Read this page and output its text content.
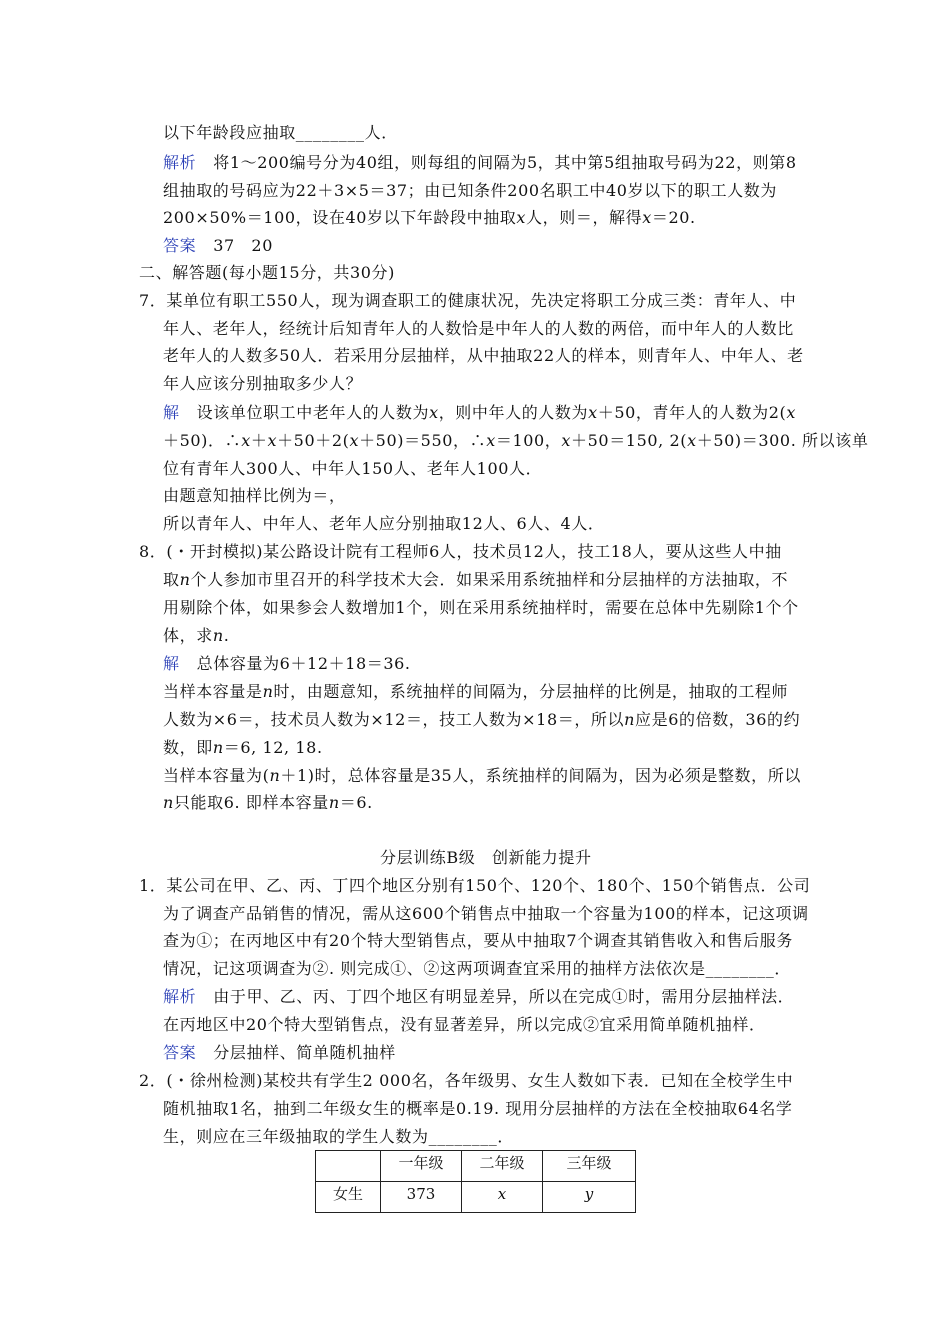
以下年龄段应抽取________人．
解析 将1～200编号分为40组，则每组的间隔为5，其中第5组抽取号码为22，则第8
组抽取的号码应为22＋3×5＝37；由已知条件200名职工中40岁以下的职工人数为
200×50%＝100，设在40岁以下年龄段中抽取x人，则＝，解得x＝20.
答案 37　20
二、解答题(每小题15分，共30分)
7．某单位有职工550人，现为调查职工的健康状况，先决定将职工分成三类：青年人、中
年人、老年人，经统计后知青年人的人数恰是中年人的人数的两倍，而中年人的人数比
老年人的人数多50人．若采用分层抽样，从中抽取22人的样本，则青年人、中年人、老
年人应该分别抽取多少人？
解 设该单位职工中老年人的人数为x，则中年人的人数为x＋50，青年人的人数为2(x
＋50)．∴x＋x＋50＋2(x＋50)＝550，∴x＝100，x＋50＝150, 2(x＋50)＝300. 所以该单
位有青年人300人、中年人150人、老年人100人．
由题意知抽样比例为＝，
所以青年人、中年人、老年人应分别抽取12人、6人、4人．
8．(・开封模拟)某公路设计院有工程师6人，技术员12人，技工18人，要从这些人中抽
取n个人参加市里召开的科学技术大会．如果采用系统抽样和分层抽样的方法抽取，不
用剔除个体，如果参会人数增加1个，则在采用系统抽样时，需要在总体中先剔除1个个
体，求n.
解 总体容量为6＋12＋18＝36.
当样本容量是n时，由题意知，系统抽样的间隔为，分层抽样的比例是，抽取的工程师
人数为×6＝，技术员人数为×12＝，技工人数为×18＝，所以n应是6的倍数，36的约
数，即n＝6, 12, 18.
当样本容量为(n＋1)时，总体容量是35人，系统抽样的间隔为，因为必须是整数，所以
n只能取6. 即样本容量n＝6.
分层训练B级　创新能力提升
1．某公司在甲、乙、丙、丁四个地区分别有150个、120个、180个、150个销售点．公司
为了调查产品销售的情况，需从这600个销售点中抽取一个容量为100的样本，记这项调
查为①；在丙地区中有20个特大型销售点，要从中抽取7个调查其销售收入和售后服务
情况，记这项调查为②. 则完成①、②这两项调查宜采用的抽样方法依次是________．
解析 由于甲、乙、丙、丁四个地区有明显差异，所以在完成①时，需用分层抽样法．
在丙地区中20个特大型销售点，没有显著差异，所以完成②宜采用简单随机抽样．
答案 分层抽样、简单随机抽样
2．(・徐州检测)某校共有学生2 000名，各年级男、女生人数如下表．已知在全校学生中
随机抽取1名，抽到二年级女生的概率是0.19. 现用分层抽样的方法在全校抽取64名学
生，则应在三年级抽取的学生人数为________．
	一年级	二年级	三年级
女生	373	x	y
